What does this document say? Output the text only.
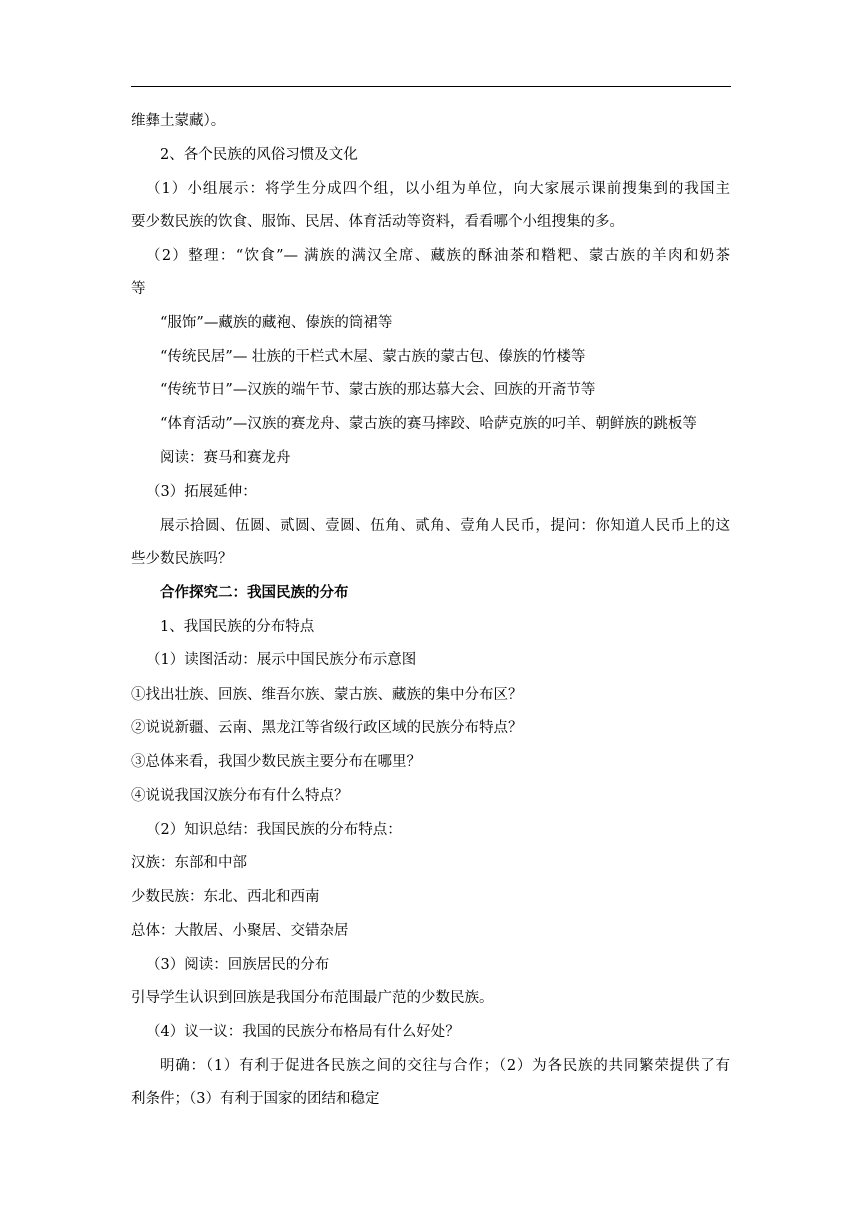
维彝土蒙藏）。
2、各个民族的风俗习惯及文化
（1）小组展示：将学生分成四个组，以小组为单位，向大家展示课前搜集到的我国主
要少数民族的饮食、服饰、民居、体育活动等资料，看看哪个小组搜集的多。
（2）整理：“饮食”— 满族的满汉全席、藏族的酥油茶和糌粑、蒙古族的羊肉和奶茶
等
“服饰”—藏族的藏袍、傣族的筒裙等
“传统民居”— 壮族的干栏式木屋、蒙古族的蒙古包、傣族的竹楼等
“传统节日”—汉族的端午节、蒙古族的那达慕大会、回族的开斋节等
“体育活动”—汉族的赛龙舟、蒙古族的赛马摔跤、哈萨克族的叼羊、朝鲜族的跳板等
阅读：赛马和赛龙舟
（3）拓展延伸：
展示拾圆、伍圆、贰圆、壹圆、伍角、贰角、壹角人民币，提问：你知道人民币上的这
些少数民族吗？
合作探究二：我国民族的分布
1、我国民族的分布特点
（1）读图活动：展示中国民族分布示意图
①找出壮族、回族、维吾尔族、蒙古族、藏族的集中分布区？
②说说新疆、云南、黑龙江等省级行政区域的民族分布特点？
③总体来看，我国少数民族主要分布在哪里？
④说说我国汉族分布有什么特点？
（2）知识总结：我国民族的分布特点：
汉族：东部和中部
少数民族：东北、西北和西南
总体：大散居、小聚居、交错杂居
（3）阅读：回族居民的分布
引导学生认识到回族是我国分布范围最广范的少数民族。
（4）议一议：我国的民族分布格局有什么好处？
明确：（1）有利于促进各民族之间的交往与合作；（2）为各民族的共同繁荣提供了有
利条件；（3）有利于国家的团结和稳定
